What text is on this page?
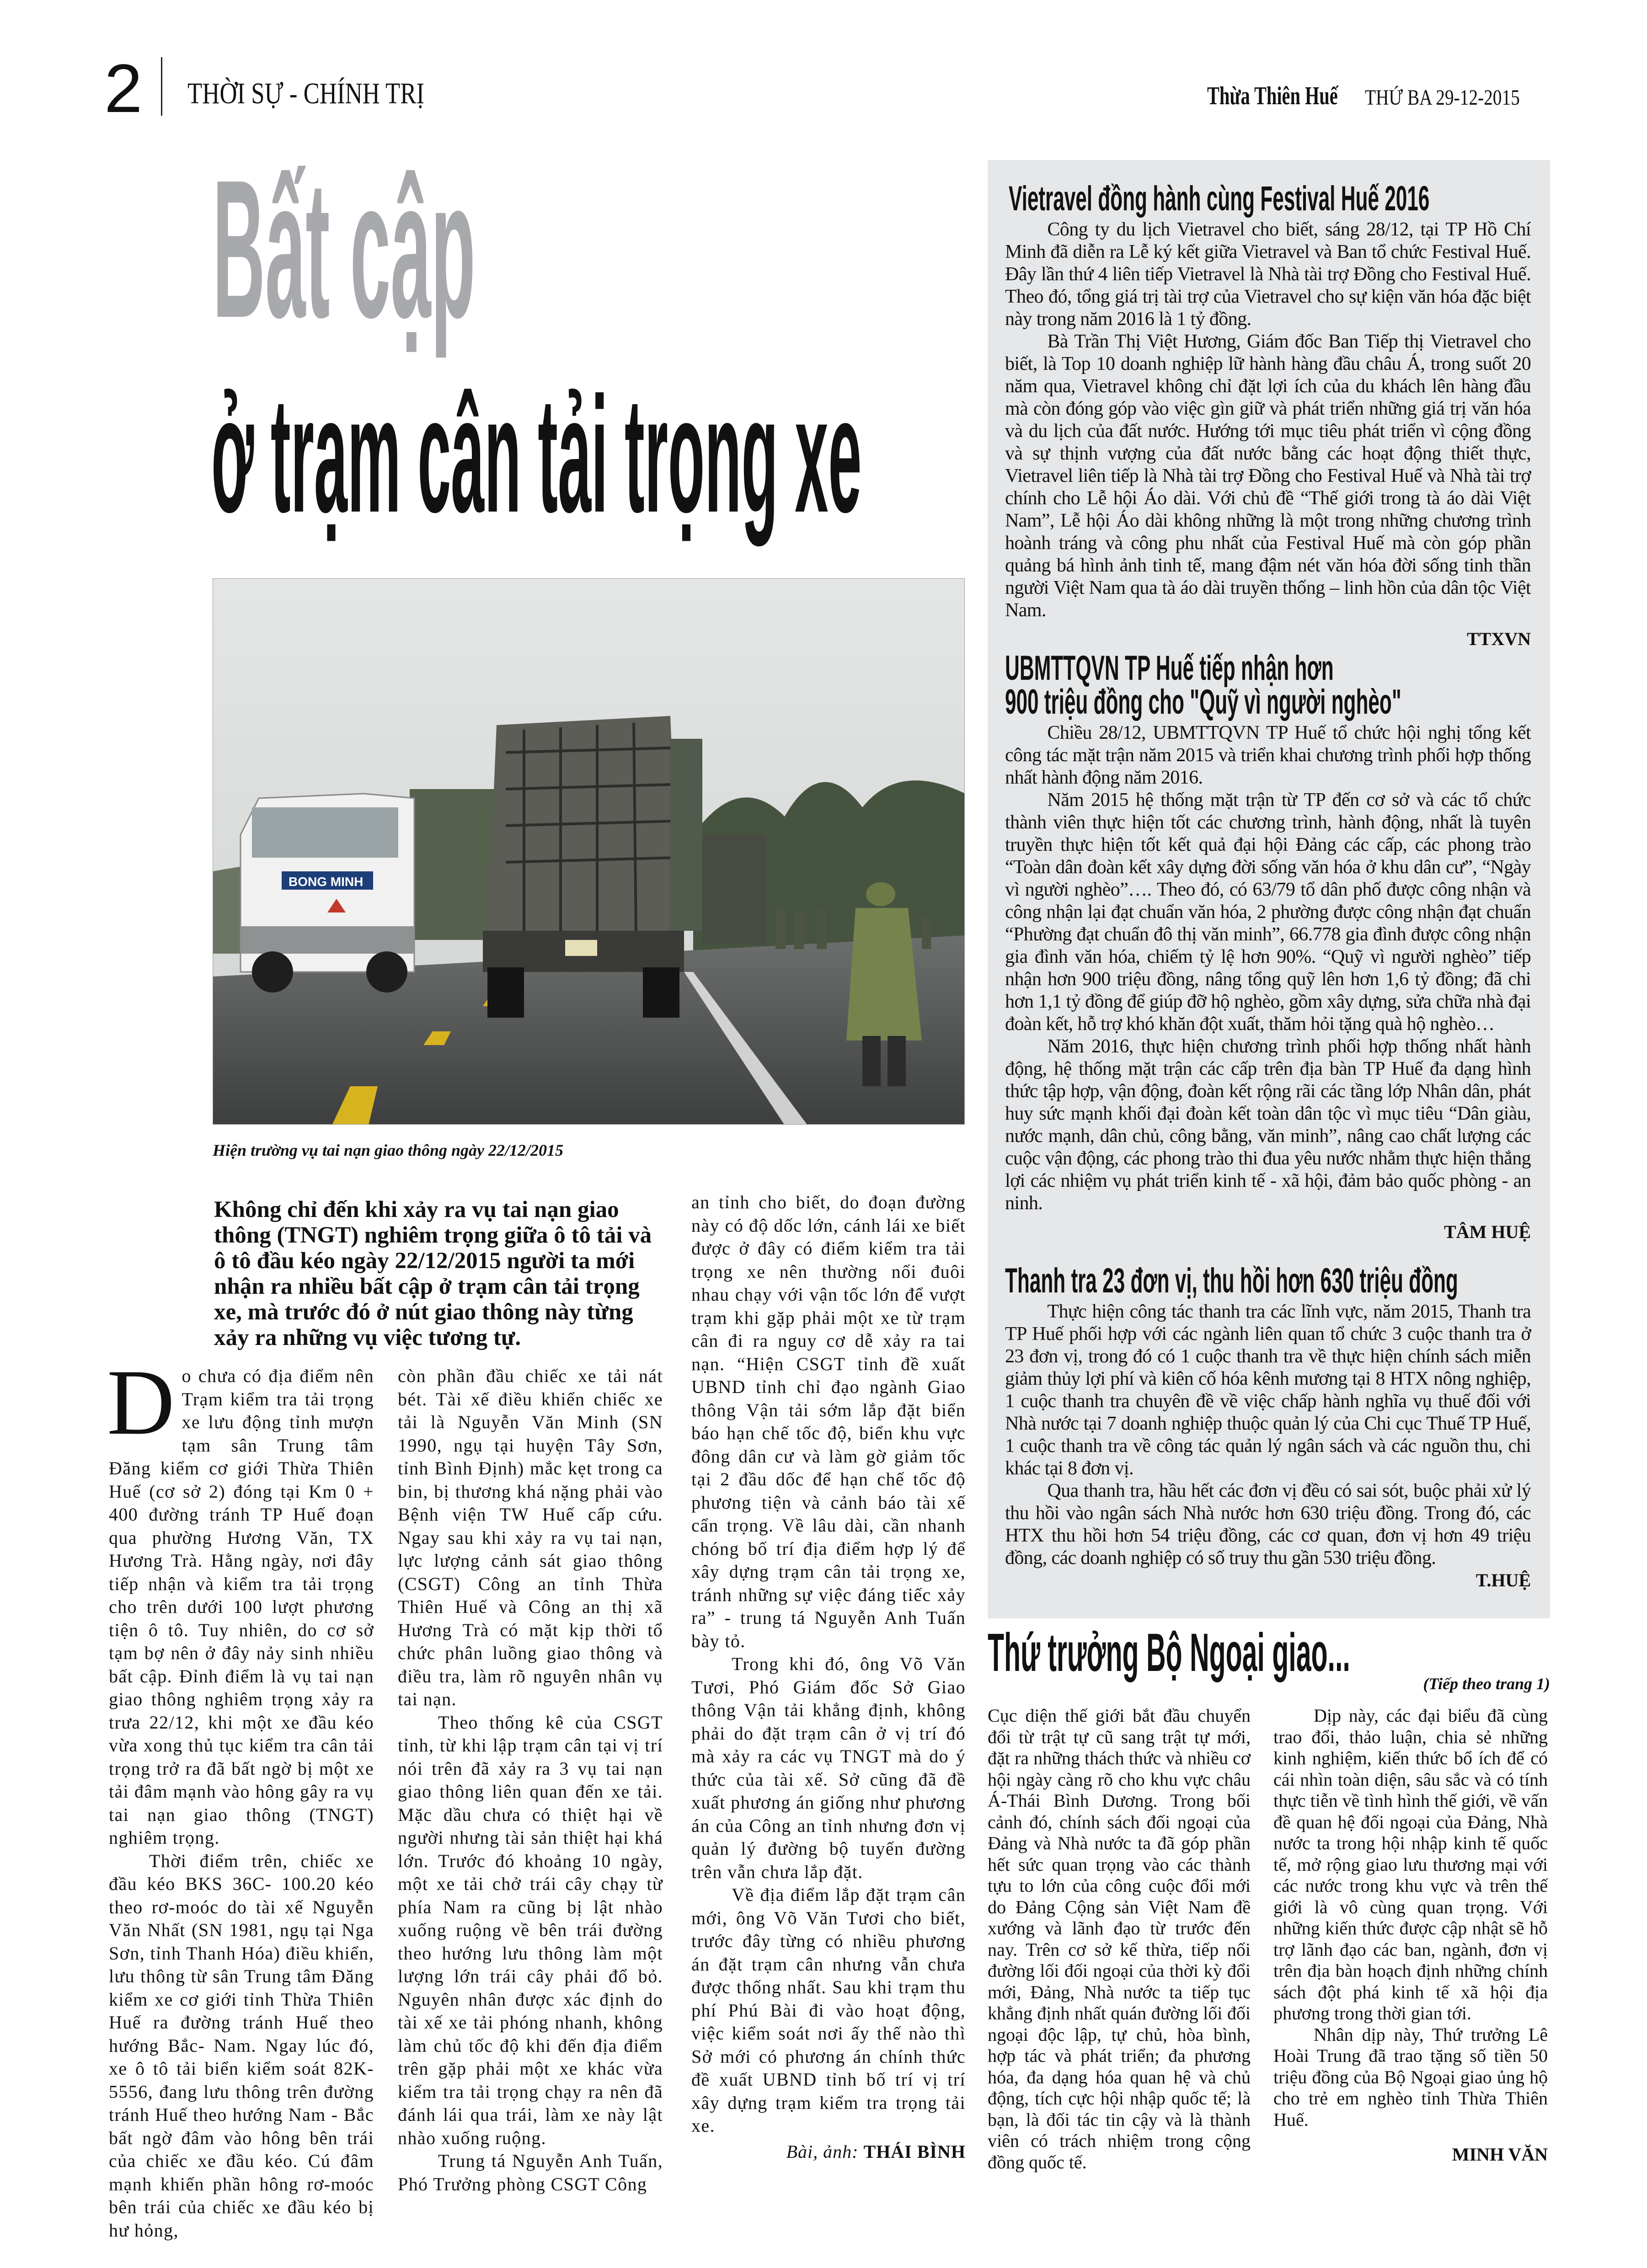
2 THỜI SỰ - CHÍNH TRỊ	Thừa Thiên Huế	THỨ BA 29-12-2015
Bất cập
ở trạm cân tải trọng xe
BONG MINH
Hiện trường vụ tai nạn giao thông ngày 22/12/2015
Không chỉ đến khi xảy ra vụ tai nạn giao thông (TNGT) nghiêm trọng giữa ô tô tải và ô tô đầu kéo ngày 22/12/2015 người ta mới nhận ra nhiều bất cập ở trạm cân tải trọng xe, mà trước đó ở nút giao thông này từng xảy ra những vụ việc tương tự.
D o chưa có địa điểm nên Trạm kiểm tra tải trọng xe lưu động tỉnh mượn tạm sân Trung tâm Đăng kiểm cơ giới Thừa Thiên Huế (cơ sở 2) đóng tại Km 0 + 400 đường tránh TP Huế đoạn qua phường Hương Văn, TX Hương Trà. Hằng ngày, nơi đây tiếp nhận và kiểm tra tải trọng cho trên dưới 100 lượt phương tiện ô tô. Tuy nhiên, do cơ sở tạm bợ nên ở đây nảy sinh nhiều bất cập. Đỉnh điểm là vụ tai nạn giao thông nghiêm trọng xảy ra trưa 22/12, khi một xe đầu kéo vừa xong thủ tục kiểm tra cân tải trọng trở ra đã bất ngờ bị một xe tải đâm mạnh vào hông gây ra vụ tai nạn giao thông (TNGT) nghiêm trọng.

Thời điểm trên, chiếc xe đầu kéo BKS 36C- 100.20 kéo theo rơ-moóc do tài xế Nguyễn Văn Nhất (SN 1981, ngụ tại Nga Sơn, tỉnh Thanh Hóa) điều khiển, lưu thông từ sân Trung tâm Đăng kiểm xe cơ giới tỉnh Thừa Thiên Huế ra đường tránh Huế theo hướng Bắc- Nam. Ngay lúc đó, xe ô tô tải biển kiểm soát 82K- 5556, đang lưu thông trên đường tránh Huế theo hướng Nam - Bắc bất ngờ đâm vào hông bên trái của chiếc xe đầu kéo. Cú đâm mạnh khiến phần hông rơ-moóc bên trái của chiếc xe đầu kéo bị hư hỏng,

còn phần đầu chiếc xe tải nát bét. Tài xế điều khiển chiếc xe tải là Nguyễn Văn Minh (SN 1990, ngụ tại huyện Tây Sơn, tỉnh Bình Định) mắc kẹt trong ca bin, bị thương khá nặng phải vào Bệnh viện TW Huế cấp cứu. Ngay sau khi xảy ra vụ tai nạn, lực lượng cảnh sát giao thông (CSGT) Công an tỉnh Thừa Thiên Huế và Công an thị xã Hương Trà có mặt kịp thời tổ chức phân luồng giao thông và điều tra, làm rõ nguyên nhân vụ tai nạn.

Theo thống kê của CSGT tỉnh, từ khi lập trạm cân tại vị trí nói trên đã xảy ra 3 vụ tai nạn giao thông liên quan đến xe tải. Mặc dầu chưa có thiệt hại về người nhưng tài sản thiệt hại khá lớn. Trước đó khoảng 10 ngày, một xe tải chở trái cây chạy từ phía Nam ra cũng bị lật nhào xuống ruộng về bên trái đường theo hướng lưu thông làm một lượng lớn trái cây phải đổ bỏ. Nguyên nhân được xác định do tài xế xe tải phóng nhanh, không làm chủ tốc độ khi đến địa điểm trên gặp phải một xe khác vừa kiểm tra tải trọng chạy ra nên đã đánh lái qua trái, làm xe này lật nhào xuống ruộng.

Trung tá Nguyễn Anh Tuấn, Phó Trưởng phòng CSGT Công

an tỉnh cho biết, do đoạn đường này có độ dốc lớn, cánh lái xe biết được ở đây có điểm kiểm tra tải trọng xe nên thường nối đuôi nhau chạy với vận tốc lớn để vượt trạm khi gặp phải một xe từ trạm cân đi ra nguy cơ dễ xảy ra tai nạn. “Hiện CSGT tỉnh đề xuất UBND tỉnh chỉ đạo ngành Giao thông Vận tải sớm lắp đặt biển báo hạn chế tốc độ, biển khu vực đông dân cư và làm gờ giảm tốc tại 2 đầu dốc để hạn chế tốc độ phương tiện và cảnh báo tài xế cẩn trọng. Về lâu dài, cần nhanh chóng bố trí địa điểm hợp lý để xây dựng trạm cân tải trọng xe, tránh những sự việc đáng tiếc xảy ra” - trung tá Nguyễn Anh Tuấn bày tỏ.

Trong khi đó, ông Võ Văn Tươi, Phó Giám đốc Sở Giao thông Vận tải khẳng định, không phải do đặt trạm cân ở vị trí đó mà xảy ra các vụ TNGT mà do ý thức của tài xế. Sở cũng đã đề xuất phương án giống như phương án của Công an tỉnh nhưng đơn vị quản lý đường bộ tuyến đường trên vẫn chưa lắp đặt.

Về địa điểm lắp đặt trạm cân mới, ông Võ Văn Tươi cho biết, trước đây từng có nhiều phương án đặt trạm cân nhưng vẫn chưa được thống nhất. Sau khi trạm thu phí Phú Bài đi vào hoạt động, việc kiểm soát nơi ấy thế nào thì Sở mới có phương án chính thức đề xuất UBND tỉnh bố trí vị trí xây dựng trạm kiểm tra trọng tải xe.

Bài, ảnh: THÁI BÌNH
Vietravel đồng hành cùng Festival Huế 2016

Công ty du lịch Vietravel cho biết, sáng 28/12, tại TP Hồ Chí Minh đã diễn ra Lễ ký kết giữa Vietravel và Ban tổ chức Festival Huế. Đây lần thứ 4 liên tiếp Vietravel là Nhà tài trợ Đồng cho Festival Huế. Theo đó, tổng giá trị tài trợ của Vietravel cho sự kiện văn hóa đặc biệt này trong năm 2016 là 1 tỷ đồng.

Bà Trần Thị Việt Hương, Giám đốc Ban Tiếp thị Vietravel cho biết, là Top 10 doanh nghiệp lữ hành hàng đầu châu Á, trong suốt 20 năm qua, Vietravel không chỉ đặt lợi ích của du khách lên hàng đầu mà còn đóng góp vào việc gìn giữ và phát triển những giá trị văn hóa và du lịch của đất nước. Hướng tới mục tiêu phát triển vì cộng đồng và sự thịnh vượng của đất nước bằng các hoạt động thiết thực, Vietravel liên tiếp là Nhà tài trợ Đồng cho Festival Huế và Nhà tài trợ chính cho Lễ hội Áo dài. Với chủ đề “Thế giới trong tà áo dài Việt Nam”, Lễ hội Áo dài không những là một trong những chương trình hoành tráng và công phu nhất của Festival Huế mà còn góp phần quảng bá hình ảnh tinh tế, mang đậm nét văn hóa đời sống tinh thần người Việt Nam qua tà áo dài truyền thống – linh hồn của dân tộc Việt Nam.

TTXVN
UBMTTQVN TP Huế tiếp nhận hơn
900 triệu đồng cho "Quỹ vì người nghèo"

Chiều 28/12, UBMTTQVN TP Huế tổ chức hội nghị tổng kết công tác mặt trận năm 2015 và triển khai chương trình phối hợp thống nhất hành động năm 2016.

Năm 2015 hệ thống mặt trận từ TP đến cơ sở và các tổ chức thành viên thực hiện tốt các chương trình, hành động, nhất là tuyên truyền thực hiện tốt kết quả đại hội Đảng các cấp, các phong trào “Toàn dân đoàn kết xây dựng đời sống văn hóa ở khu dân cư”, “Ngày vì người nghèo”…. Theo đó, có 63/79 tổ dân phố được công nhận và công nhận lại đạt chuẩn văn hóa, 2 phường được công nhận đạt chuẩn “Phường đạt chuẩn đô thị văn minh”, 66.778 gia đình được công nhận gia đình văn hóa, chiếm tỷ lệ hơn 90%. “Quỹ vì người nghèo” tiếp nhận hơn 900 triệu đồng, nâng tổng quỹ lên hơn 1,6 tỷ đồng; đã chi hơn 1,1 tỷ đồng để giúp đỡ hộ nghèo, gồm xây dựng, sửa chữa nhà đại đoàn kết, hỗ trợ khó khăn đột xuất, thăm hỏi tặng quà hộ nghèo…

Năm 2016, thực hiện chương trình phối hợp thống nhất hành động, hệ thống mặt trận các cấp trên địa bàn TP Huế đa dạng hình thức tập hợp, vận động, đoàn kết rộng rãi các tầng lớp Nhân dân, phát huy sức mạnh khối đại đoàn kết toàn dân tộc vì mục tiêu “Dân giàu, nước mạnh, dân chủ, công bằng, văn minh”, nâng cao chất lượng các cuộc vận động, các phong trào thi đua yêu nước nhằm thực hiện thắng lợi các nhiệm vụ phát triển kinh tế - xã hội, đảm bảo quốc phòng - an ninh.

TÂM HUỆ
Thanh tra 23 đơn vị, thu hồi hơn 630 triệu đồng

Thực hiện công tác thanh tra các lĩnh vực, năm 2015, Thanh tra TP Huế phối hợp với các ngành liên quan tổ chức 3 cuộc thanh tra ở 23 đơn vị, trong đó có 1 cuộc thanh tra về thực hiện chính sách miễn giảm thủy lợi phí và kiên cố hóa kênh mương tại 8 HTX nông nghiệp, 1 cuộc thanh tra chuyên đề về việc chấp hành nghĩa vụ thuế đối với Nhà nước tại 7 doanh nghiệp thuộc quản lý của Chi cục Thuế TP Huế, 1 cuộc thanh tra về công tác quản lý ngân sách và các nguồn thu, chi khác tại 8 đơn vị.

Qua thanh tra, hầu hết các đơn vị đều có sai sót, buộc phải xử lý thu hồi vào ngân sách Nhà nước hơn 630 triệu đồng. Trong đó, các HTX thu hồi hơn 54 triệu đồng, các cơ quan, đơn vị hơn 49 triệu đồng, các doanh nghiệp có số truy thu gần 530 triệu đồng.

T.HUỆ
Thứ trưởng Bộ Ngoại giao...
(Tiếp theo trang 1)

Cục diện thế giới bắt đầu chuyển đổi từ trật tự cũ sang trật tự mới, đặt ra những thách thức và nhiều cơ hội ngày càng rõ cho khu vực châu Á-Thái Bình Dương. Trong bối cảnh đó, chính sách đối ngoại của Đảng và Nhà nước ta đã góp phần hết sức quan trọng vào các thành tựu to lớn của công cuộc đổi mới do Đảng Cộng sản Việt Nam đề xướng và lãnh đạo từ trước đến nay. Trên cơ sở kế thừa, tiếp nối đường lối đối ngoại của thời kỳ đổi mới, Đảng, Nhà nước ta tiếp tục khẳng định nhất quán đường lối đối ngoại độc lập, tự chủ, hòa bình, hợp tác và phát triển; đa phương hóa, đa dạng hóa quan hệ và chủ động, tích cực hội nhập quốc tế; là bạn, là đối tác tin cậy và là thành viên có trách nhiệm trong cộng đồng quốc tế.

Dịp này, các đại biểu đã cùng trao đổi, thảo luận, chia sẻ những kinh nghiệm, kiến thức bổ ích để có cái nhìn toàn diện, sâu sắc và có tính thực tiễn về tình hình thế giới, về vấn đề quan hệ đối ngoại của Đảng, Nhà nước ta trong hội nhập kinh tế quốc tế, mở rộng giao lưu thương mại với các nước trong khu vực và trên thế giới là vô cùng quan trọng. Với những kiến thức được cập nhật sẽ hỗ trợ lãnh đạo các ban, ngành, đơn vị trên địa bàn hoạch định những chính sách đột phá kinh tế xã hội địa phương trong thời gian tới.

Nhân dịp này, Thứ trưởng Lê Hoài Trung đã trao tặng số tiền 50 triệu đồng của Bộ Ngoại giao ủng hộ cho trẻ em nghèo tỉnh Thừa Thiên Huế.

MINH VĂN
